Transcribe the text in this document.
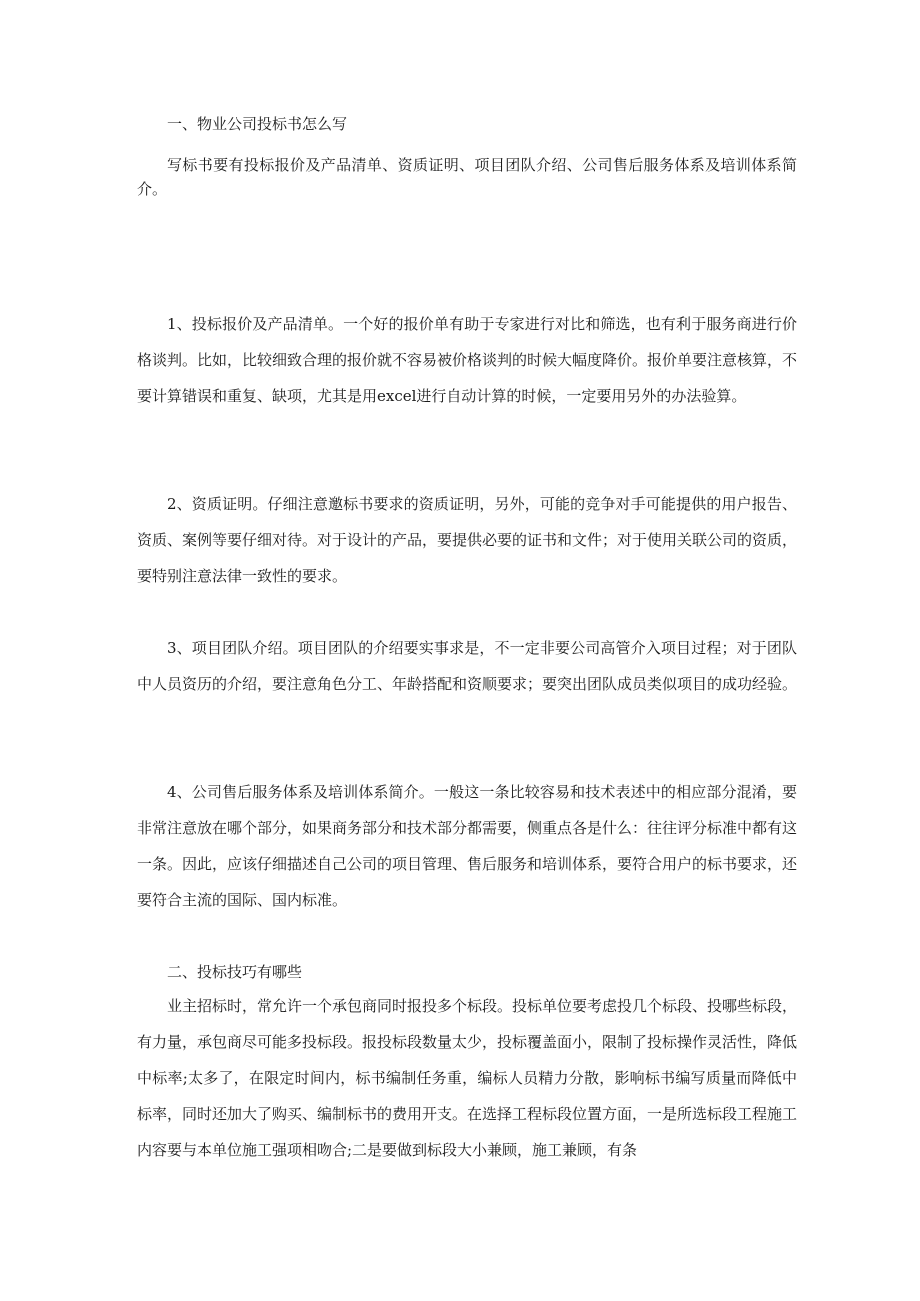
一、物业公司投标书怎么写

写标书要有投标报价及产品清单、资质证明、项目团队介绍、公司售后服务体系及培训体系简介。

1、投标报价及产品清单。一个好的报价单有助于专家进行对比和筛选，也有利于服务商进行价格谈判。比如，比较细致合理的报价就不容易被价格谈判的时候大幅度降价。报价单要注意核算，不要计算错误和重复、缺项，尤其是用excel进行自动计算的时候，一定要用另外的办法验算。

2、资质证明。仔细注意邀标书要求的资质证明，另外，可能的竞争对手可能提供的用户报告、资质、案例等要仔细对待。对于设计的产品，要提供必要的证书和文件；对于使用关联公司的资质，要特别注意法律一致性的要求。

3、项目团队介绍。项目团队的介绍要实事求是，不一定非要公司高管介入项目过程；对于团队中人员资历的介绍，要注意角色分工、年龄搭配和资顺要求；要突出团队成员类似项目的成功经验。

4、公司售后服务体系及培训体系简介。一般这一条比较容易和技术表述中的相应部分混淆，要非常注意放在哪个部分，如果商务部分和技术部分都需要，侧重点各是什么：往往评分标准中都有这一条。因此，应该仔细描述自己公司的项目管理、售后服务和培训体系，要符合用户的标书要求，还要符合主流的国际、国内标准。

二、投标技巧有哪些

业主招标时，常允许一个承包商同时报投多个标段。投标单位要考虑投几个标段、投哪些标段，有力量，承包商尽可能多投标段。报投标段数量太少，投标覆盖面小，限制了投标操作灵活性，降低中标率;太多了，在限定时间内，标书编制任务重，编标人员精力分散，影响标书编写质量而降低中标率，同时还加大了购买、编制标书的费用开支。在选择工程标段位置方面，一是所选标段工程施工内容要与本单位施工强项相吻合;二是要做到标段大小兼顾，施工兼顾，有条
